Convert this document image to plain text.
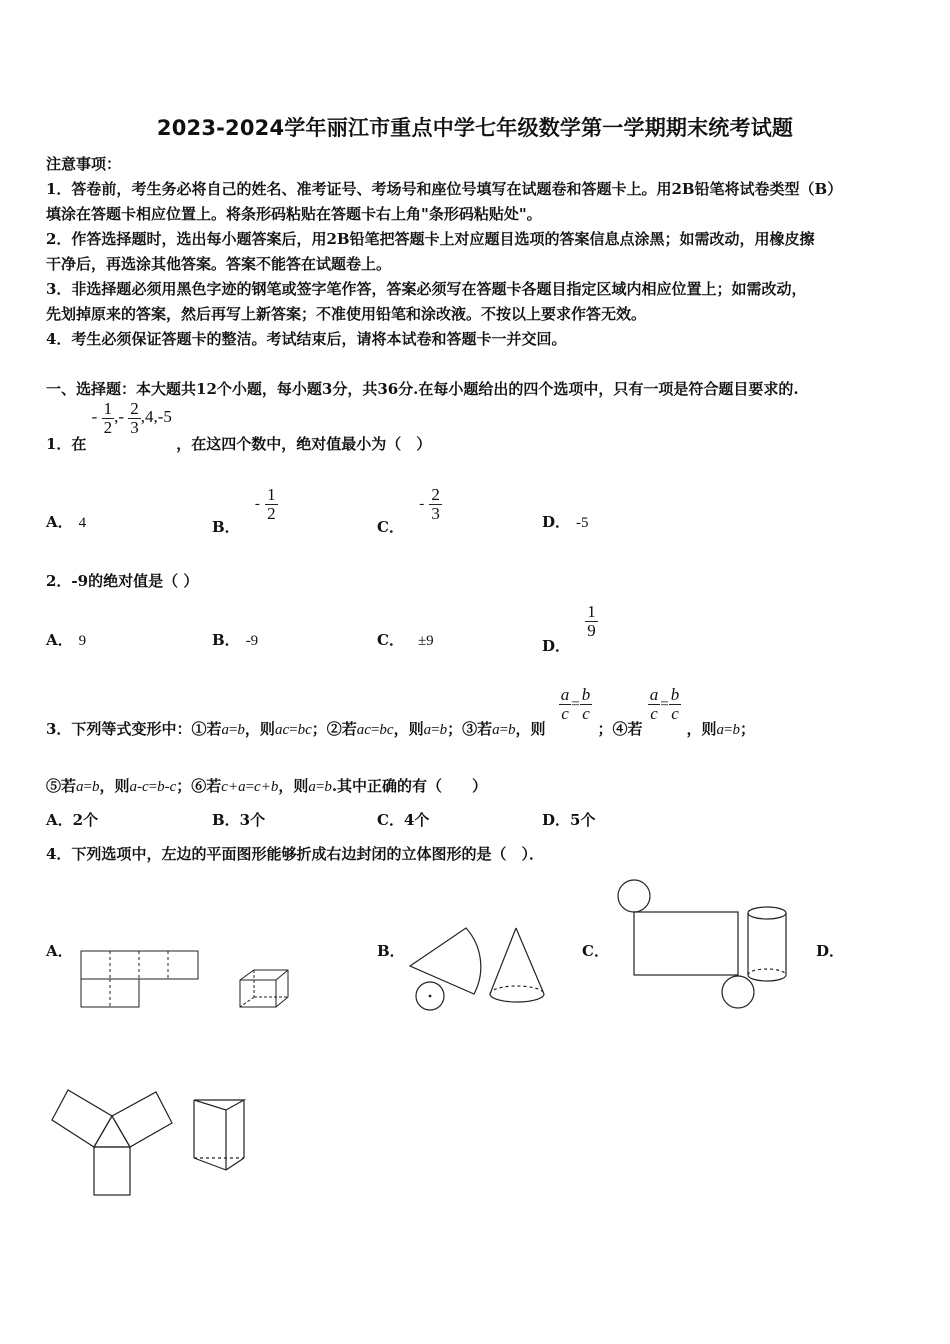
2023-2024学年丽江市重点中学七年级数学第一学期期末统考试题
注意事项：
1．答卷前，考生务必将自己的姓名、准考证号、考场号和座位号填写在试题卷和答题卡上。用2B铅笔将试卷类型（B）
填涂在答题卡相应位置上。将条形码粘贴在答题卡右上角"条形码粘贴处"。
2．作答选择题时，选出每小题答案后，用2B铅笔把答题卡上对应题目选项的答案信息点涂黑；如需改动，用橡皮擦
干净后，再选涂其他答案。答案不能答在试题卷上。
3．非选择题必须用黑色字迹的钢笔或签字笔作答，答案必须写在答题卡各题目指定区域内相应位置上；如需改动，
先划掉原来的答案，然后再写上新答案；不准使用铅笔和涂改液。不按以上要求作答无效。
4．考生必须保证答题卡的整洁。考试结束后，请将本试卷和答题卡一并交回。
一、选择题：本大题共12个小题，每小题3分，共36分.在每小题给出的四个选项中，只有一项是符合题目要求的.
1．在 - $\frac{1}{2}$ ,- $\frac{2}{3} ,4,-5$ ，在这四个数中，绝对值最小为（　）
A． 4	B． - $\frac{1}{2}$
C． - $\frac{2}{3}$	D． -5
2．-9的绝对值是（ ）
A． 9	B． -9	C． ±9	D．
$\frac{1}{9}$
3．下列等式变形中：①若a=b，则ac=bc；②若ac=bc，则a=b；③若a=b，则
$\frac{a}{c} = \frac{b}{c}$
；④若
$\frac{a}{c} = \frac{b}{c}$
，则a=b；
⑤若a=b，则a-c=b-c；⑥若c+a=c+b，则a=b.其中正确的有（　　）
A．2个	B．3个	C．4个	D．5个
4．下列选项中，左边的平面图形能够折成右边封闭的立体图形的是（　）．
A．	B．	C．	D．
